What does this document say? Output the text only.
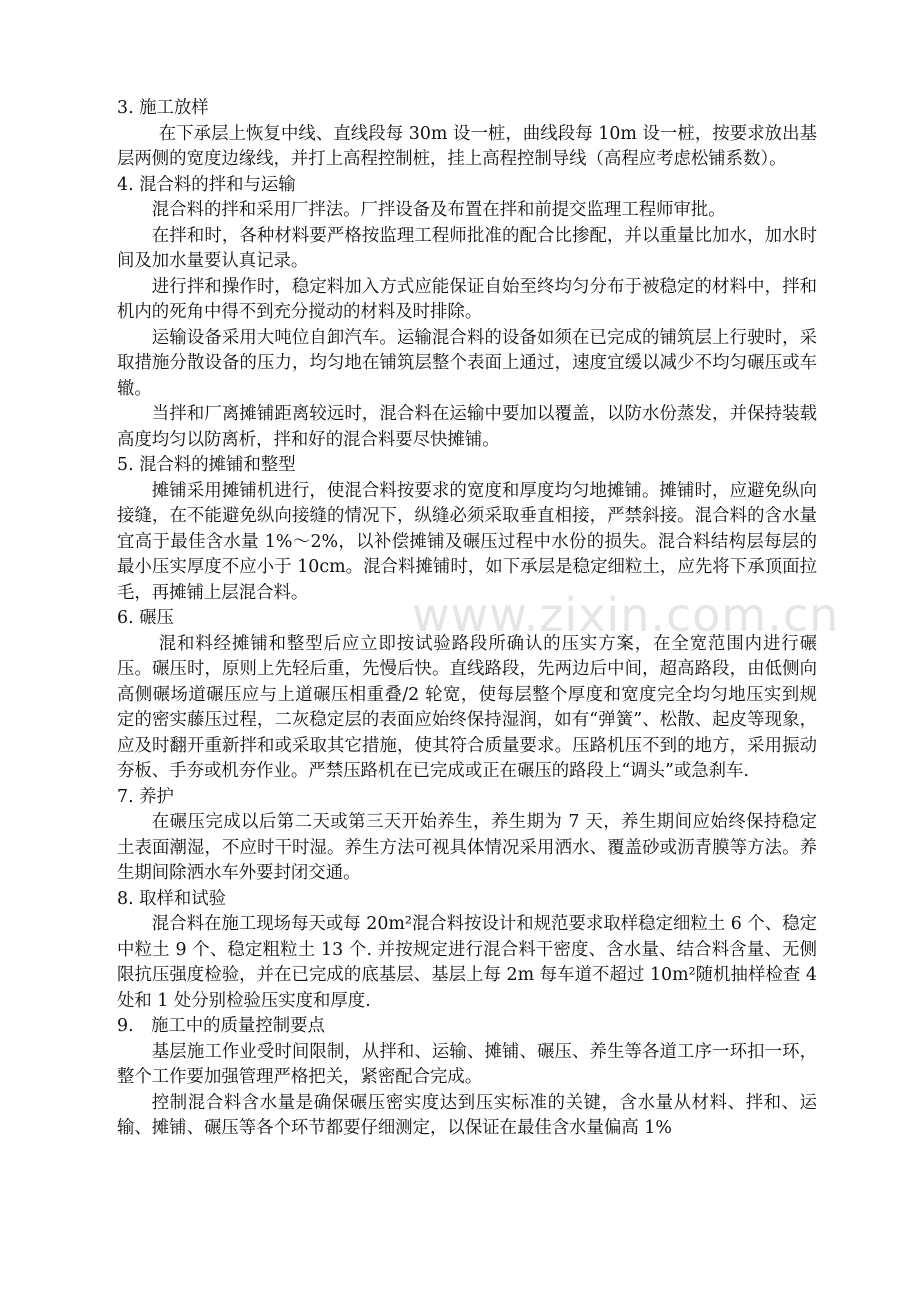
3. 施工放样

在下承层上恢复中线、直线段每 30m 设一桩，曲线段每 10m 设一桩，按要求放出基层两侧的宽度边缘线，并打上高程控制桩，挂上高程控制导线（高程应考虑松铺系数）。

4. 混合料的拌和与运输

混合料的拌和采用厂拌法。厂拌设备及布置在拌和前提交监理工程师审批。

在拌和时，各种材料要严格按监理工程师批准的配合比掺配，并以重量比加水，加水时间及加水量要认真记录。

进行拌和操作时，稳定料加入方式应能保证自始至终均匀分布于被稳定的材料中，拌和机内的死角中得不到充分搅动的材料及时排除。

运输设备采用大吨位自卸汽车。运输混合料的设备如须在已完成的铺筑层上行驶时，采取措施分散设备的压力，均匀地在铺筑层整个表面上通过，速度宜缓以减少不均匀碾压或车辙。

当拌和厂离摊铺距离较远时，混合料在运输中要加以覆盖，以防水份蒸发，并保持装载高度均匀以防离析，拌和好的混合料要尽快摊铺。

5. 混合料的摊铺和整型

摊铺采用摊铺机进行，使混合料按要求的宽度和厚度均匀地摊铺。摊铺时，应避免纵向接缝，在不能避免纵向接缝的情况下，纵缝必须采取垂直相接，严禁斜接。混合料的含水量宜高于最佳含水量 1%～2%，以补偿摊铺及碾压过程中水份的损失。混合料结构层每层的最小压实厚度不应小于 10cm。混合料摊铺时，如下承层是稳定细粒土，应先将下承顶面拉毛，再摊铺上层混合料。

6. 碾压

混和料经摊铺和整型后应立即按试验路段所确认的压实方案，在全宽范围内进行碾压。碾压时，原则上先轻后重，先慢后快。直线路段，先两边后中间，超高路段，由低侧向高侧碾场道碾压应与上道碾压相重叠/2 轮宽，使每层整个厚度和宽度完全均匀地压实到规定的密实藤压过程，二灰稳定层的表面应始终保持湿润，如有“弹簧”、松散、起皮等现象，应及时翻开重新拌和或采取其它措施，使其符合质量要求。压路机压不到的地方，采用振动夯板、手夯或机夯作业。严禁压路机在已完成或正在碾压的路段上“调头”或急刹车.

7. 养护

在碾压完成以后第二天或第三天开始养生，养生期为 7 天，养生期间应始终保持稳定土表面潮湿，不应时干时湿。养生方法可视具体情况采用洒水、覆盖砂或沥青膜等方法。养生期间除洒水车外要封闭交通。

8. 取样和试验

混合料在施工现场每天或每 20m²混合料按设计和规范要求取样稳定细粒土 6 个、稳定中粒土 9 个、稳定粗粒土 13 个. 并按规定进行混合料干密度、含水量、结合料含量、无侧限抗压强度检验，并在已完成的底基层、基层上每 2m 每车道不超过 10m²随机抽样检查 4 处和 1 处分别检验压实度和厚度.

9.　施工中的质量控制要点

基层施工作业受时间限制，从拌和、运输、摊铺、碾压、养生等各道工序一环扣一环，整个工作要加强管理严格把关，紧密配合完成。

控制混合料含水量是确保碾压密实度达到压实标准的关键，含水量从材料、拌和、运输、摊铺、碾压等各个环节都要仔细测定，以保证在最佳含水量偏高 1%

www.zixin.com.cn
